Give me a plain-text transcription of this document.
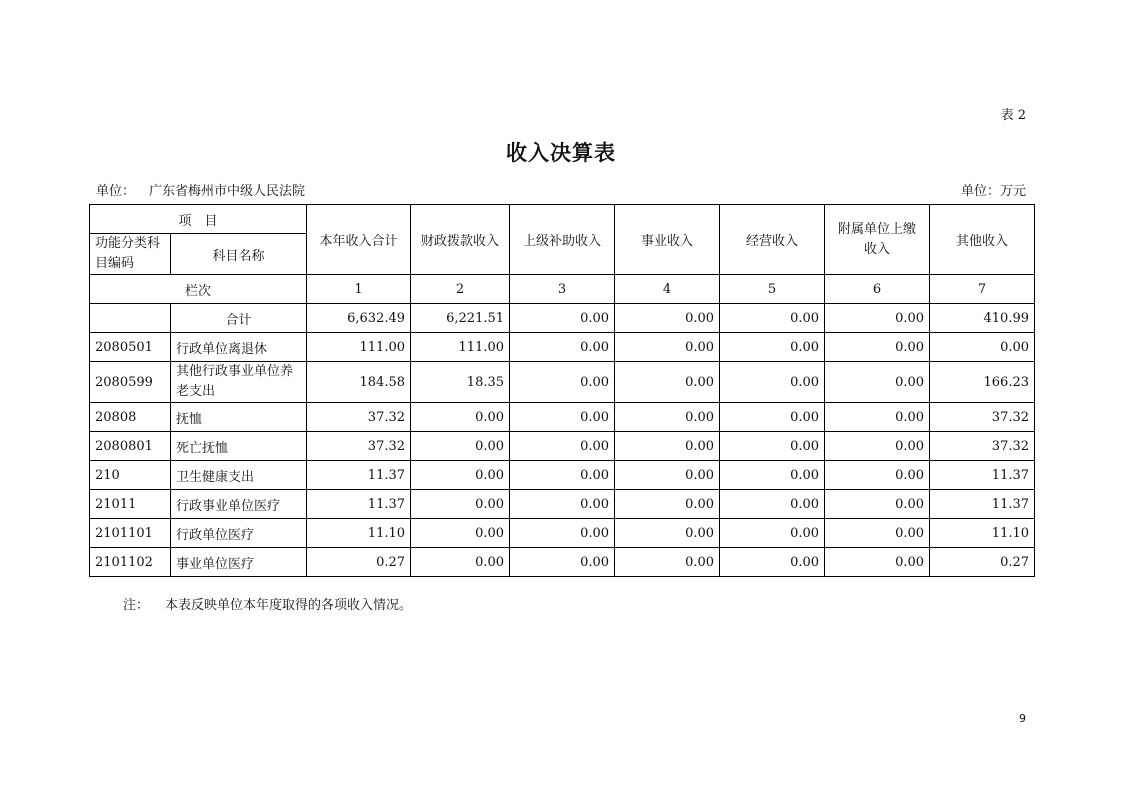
表 2
收入决算表
单位： 广东省梅州市中级人民法院	单位：万元
项　目		本年收入合计	财政拨款收入	上级补助收入	事业收入	经营收入	附属单位上缴收入	其他收入
功能分类科目编码	科目名称							
栏次		1	2	3	4	5	6	7
	合计	6,632.49	6,221.51	0.00	0.00	0.00	0.00	410.99
2080501	行政单位离退休	111.00	111.00	0.00	0.00	0.00	0.00	0.00
2080599	其他行政事业单位养老支出	184.58	18.35	0.00	0.00	0.00	0.00	166.23
20808	抚恤	37.32	0.00	0.00	0.00	0.00	0.00	37.32
2080801	死亡抚恤	37.32	0.00	0.00	0.00	0.00	0.00	37.32
210	卫生健康支出	11.37	0.00	0.00	0.00	0.00	0.00	11.37
21011	行政事业单位医疗	11.37	0.00	0.00	0.00	0.00	0.00	11.37
2101101	行政单位医疗	11.10	0.00	0.00	0.00	0.00	0.00	11.10
2101102	事业单位医疗	0.27	0.00	0.00	0.00	0.00	0.00	0.27
注： 本表反映单位本年度取得的各项收入情况。
9
